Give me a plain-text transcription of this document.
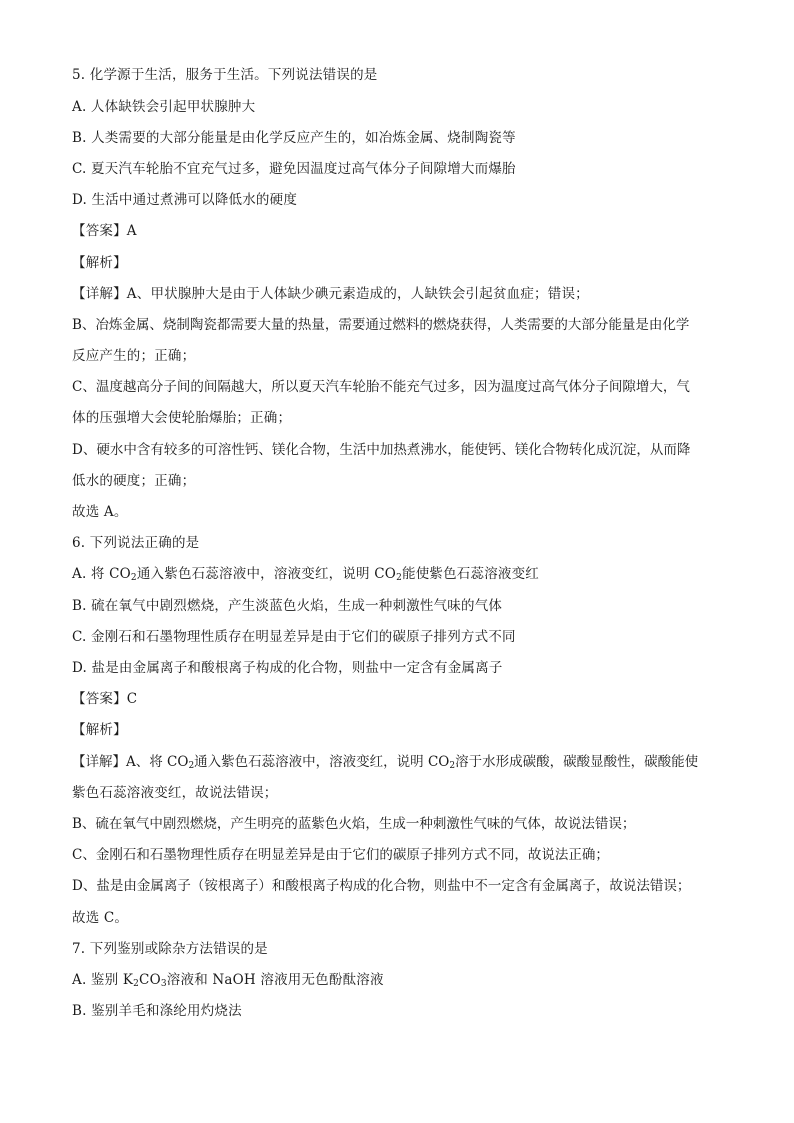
5. 化学源于生活，服务于生活。下列说法错误的是
A. 人体缺铁会引起甲状腺肿大
B. 人类需要的大部分能量是由化学反应产生的，如冶炼金属、烧制陶瓷等
C. 夏天汽车轮胎不宜充气过多，避免因温度过高气体分子间隙增大而爆胎
D. 生活中通过煮沸可以降低水的硬度
【答案】A
【解析】
【详解】A、甲状腺肿大是由于人体缺少碘元素造成的，人缺铁会引起贫血症；错误；
B、冶炼金属、烧制陶瓷都需要大量的热量，需要通过燃料的燃烧获得，人类需要的大部分能量是由化学
反应产生的；正确；
C、温度越高分子间的间隔越大，所以夏天汽车轮胎不能充气过多，因为温度过高气体分子间隙增大，气
体的压强增大会使轮胎爆胎；正确；
D、硬水中含有较多的可溶性钙、镁化合物，生活中加热煮沸水，能使钙、镁化合物转化成沉淀，从而降
低水的硬度；正确；
故选 A。
6. 下列说法正确的是
A. 将 $CO_2$通入紫色石蕊溶液中，溶液变红，说明 $CO_2$能使紫色石蕊溶液变红
B. 硫在氧气中剧烈燃烧，产生淡蓝色火焰，生成一种刺激性气味的气体
C. 金刚石和石墨物理性质存在明显差异是由于它们的碳原子排列方式不同
D. 盐是由金属离子和酸根离子构成的化合物，则盐中一定含有金属离子
【答案】C
【解析】
【详解】A、将 $CO_2$通入紫色石蕊溶液中，溶液变红，说明 $CO_2$溶于水形成碳酸，碳酸显酸性，碳酸能使
紫色石蕊溶液变红，故说法错误；
B、硫在氧气中剧烈燃烧，产生明亮的蓝紫色火焰，生成一种刺激性气味的气体，故说法错误；
C、金刚石和石墨物理性质存在明显差异是由于它们的碳原子排列方式不同，故说法正确；
D、盐是由金属离子（铵根离子）和酸根离子构成的化合物，则盐中不一定含有金属离子，故说法错误；
故选 C。
7. 下列鉴别或除杂方法错误的是
A. 鉴别 $K_2CO_3$溶液和 NaOH 溶液用无色酚酞溶液
B. 鉴别羊毛和涤纶用灼烧法
